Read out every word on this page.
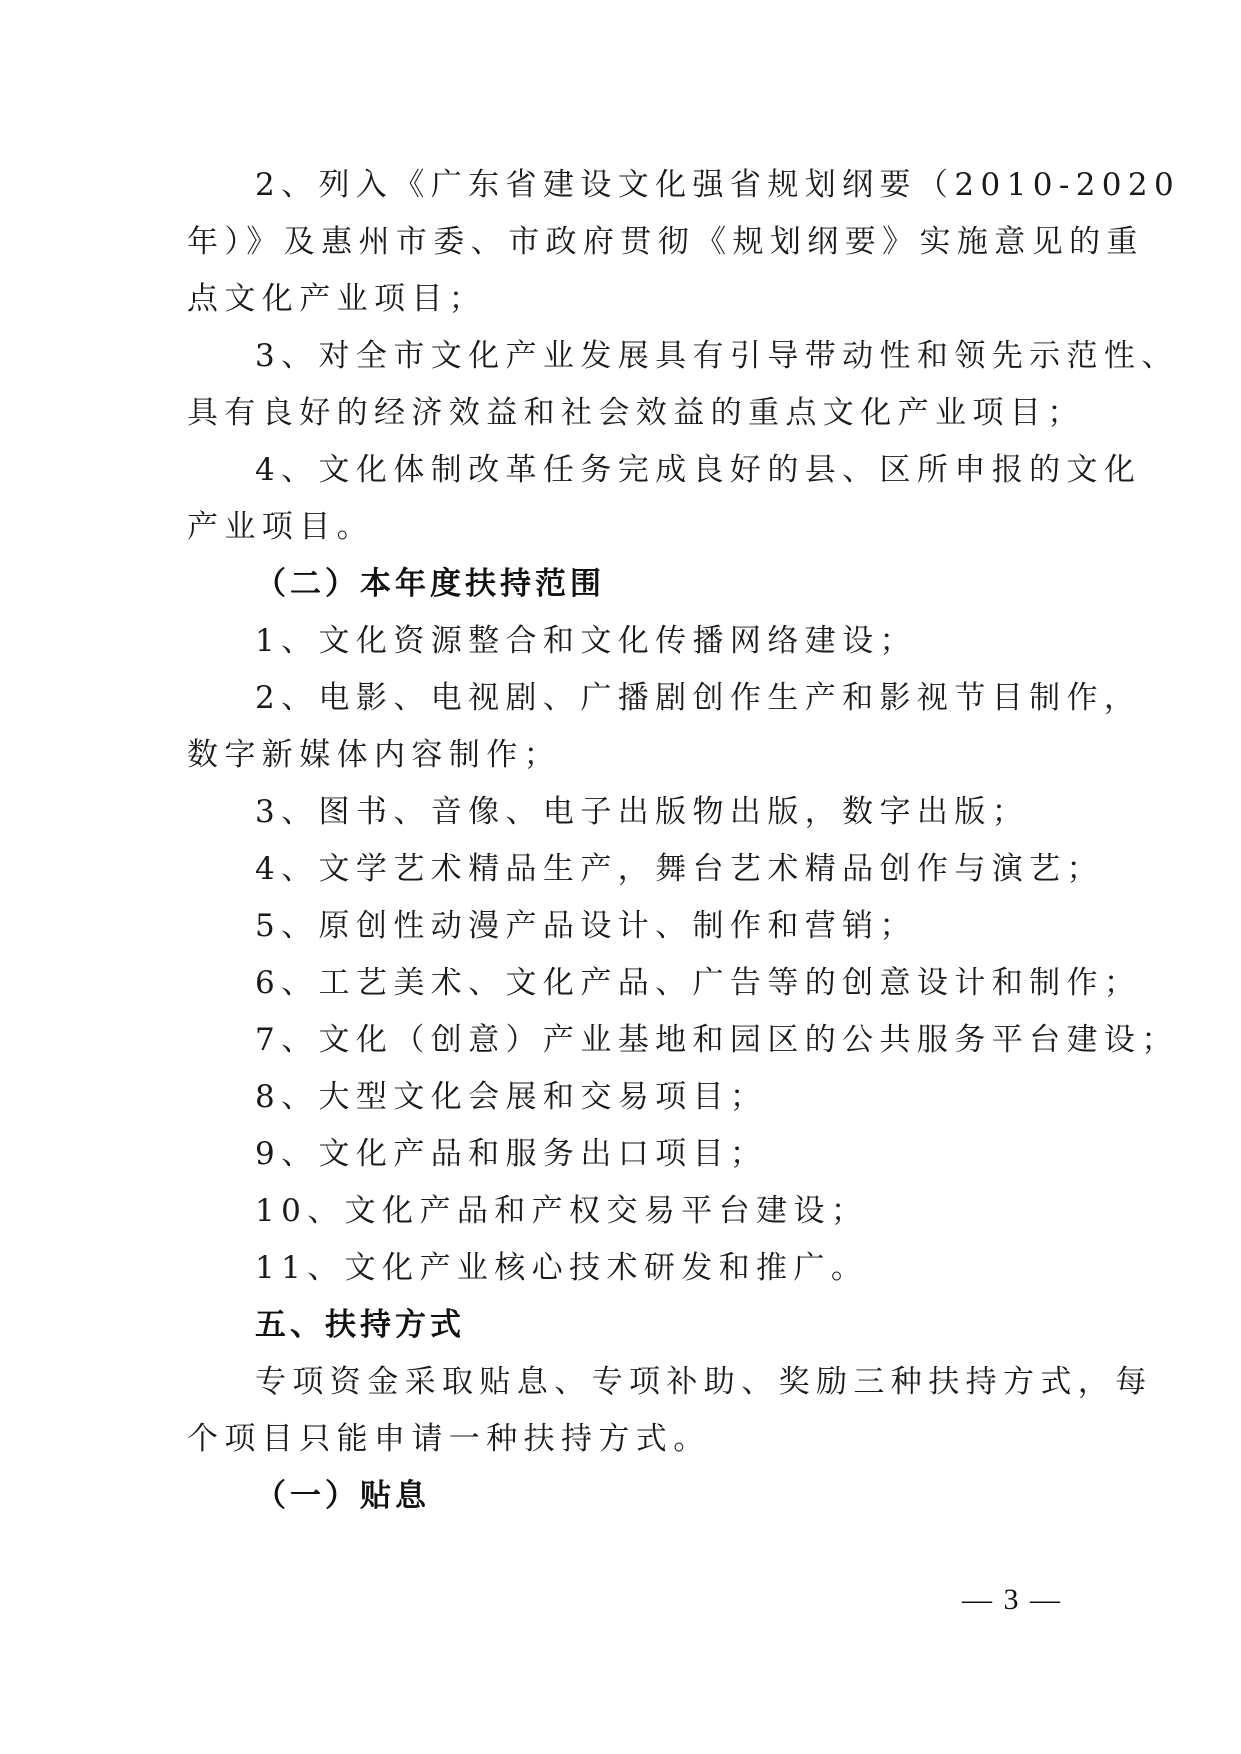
2、列入《广东省建设文化强省规划纲要（2010-2020
年）》及惠州市委、市政府贯彻《规划纲要》实施意见的重
点文化产业项目；
3、对全市文化产业发展具有引导带动性和领先示范性、
具有良好的经济效益和社会效益的重点文化产业项目；
4、文化体制改革任务完成良好的县、区所申报的文化
产业项目。
（二）本年度扶持范围
1、文化资源整合和文化传播网络建设；
2、电影、电视剧、广播剧创作生产和影视节目制作，
数字新媒体内容制作；
3、图书、音像、电子出版物出版，数字出版；
4、文学艺术精品生产，舞台艺术精品创作与演艺；
5、原创性动漫产品设计、制作和营销；
6、工艺美术、文化产品、广告等的创意设计和制作；
7、文化（创意）产业基地和园区的公共服务平台建设；
8、大型文化会展和交易项目；
9、文化产品和服务出口项目；
10、文化产品和产权交易平台建设；
11、文化产业核心技术研发和推广。
五、扶持方式
专项资金采取贴息、专项补助、奖励三种扶持方式，每
个项目只能申请一种扶持方式。
（一）贴息
— 3 —
